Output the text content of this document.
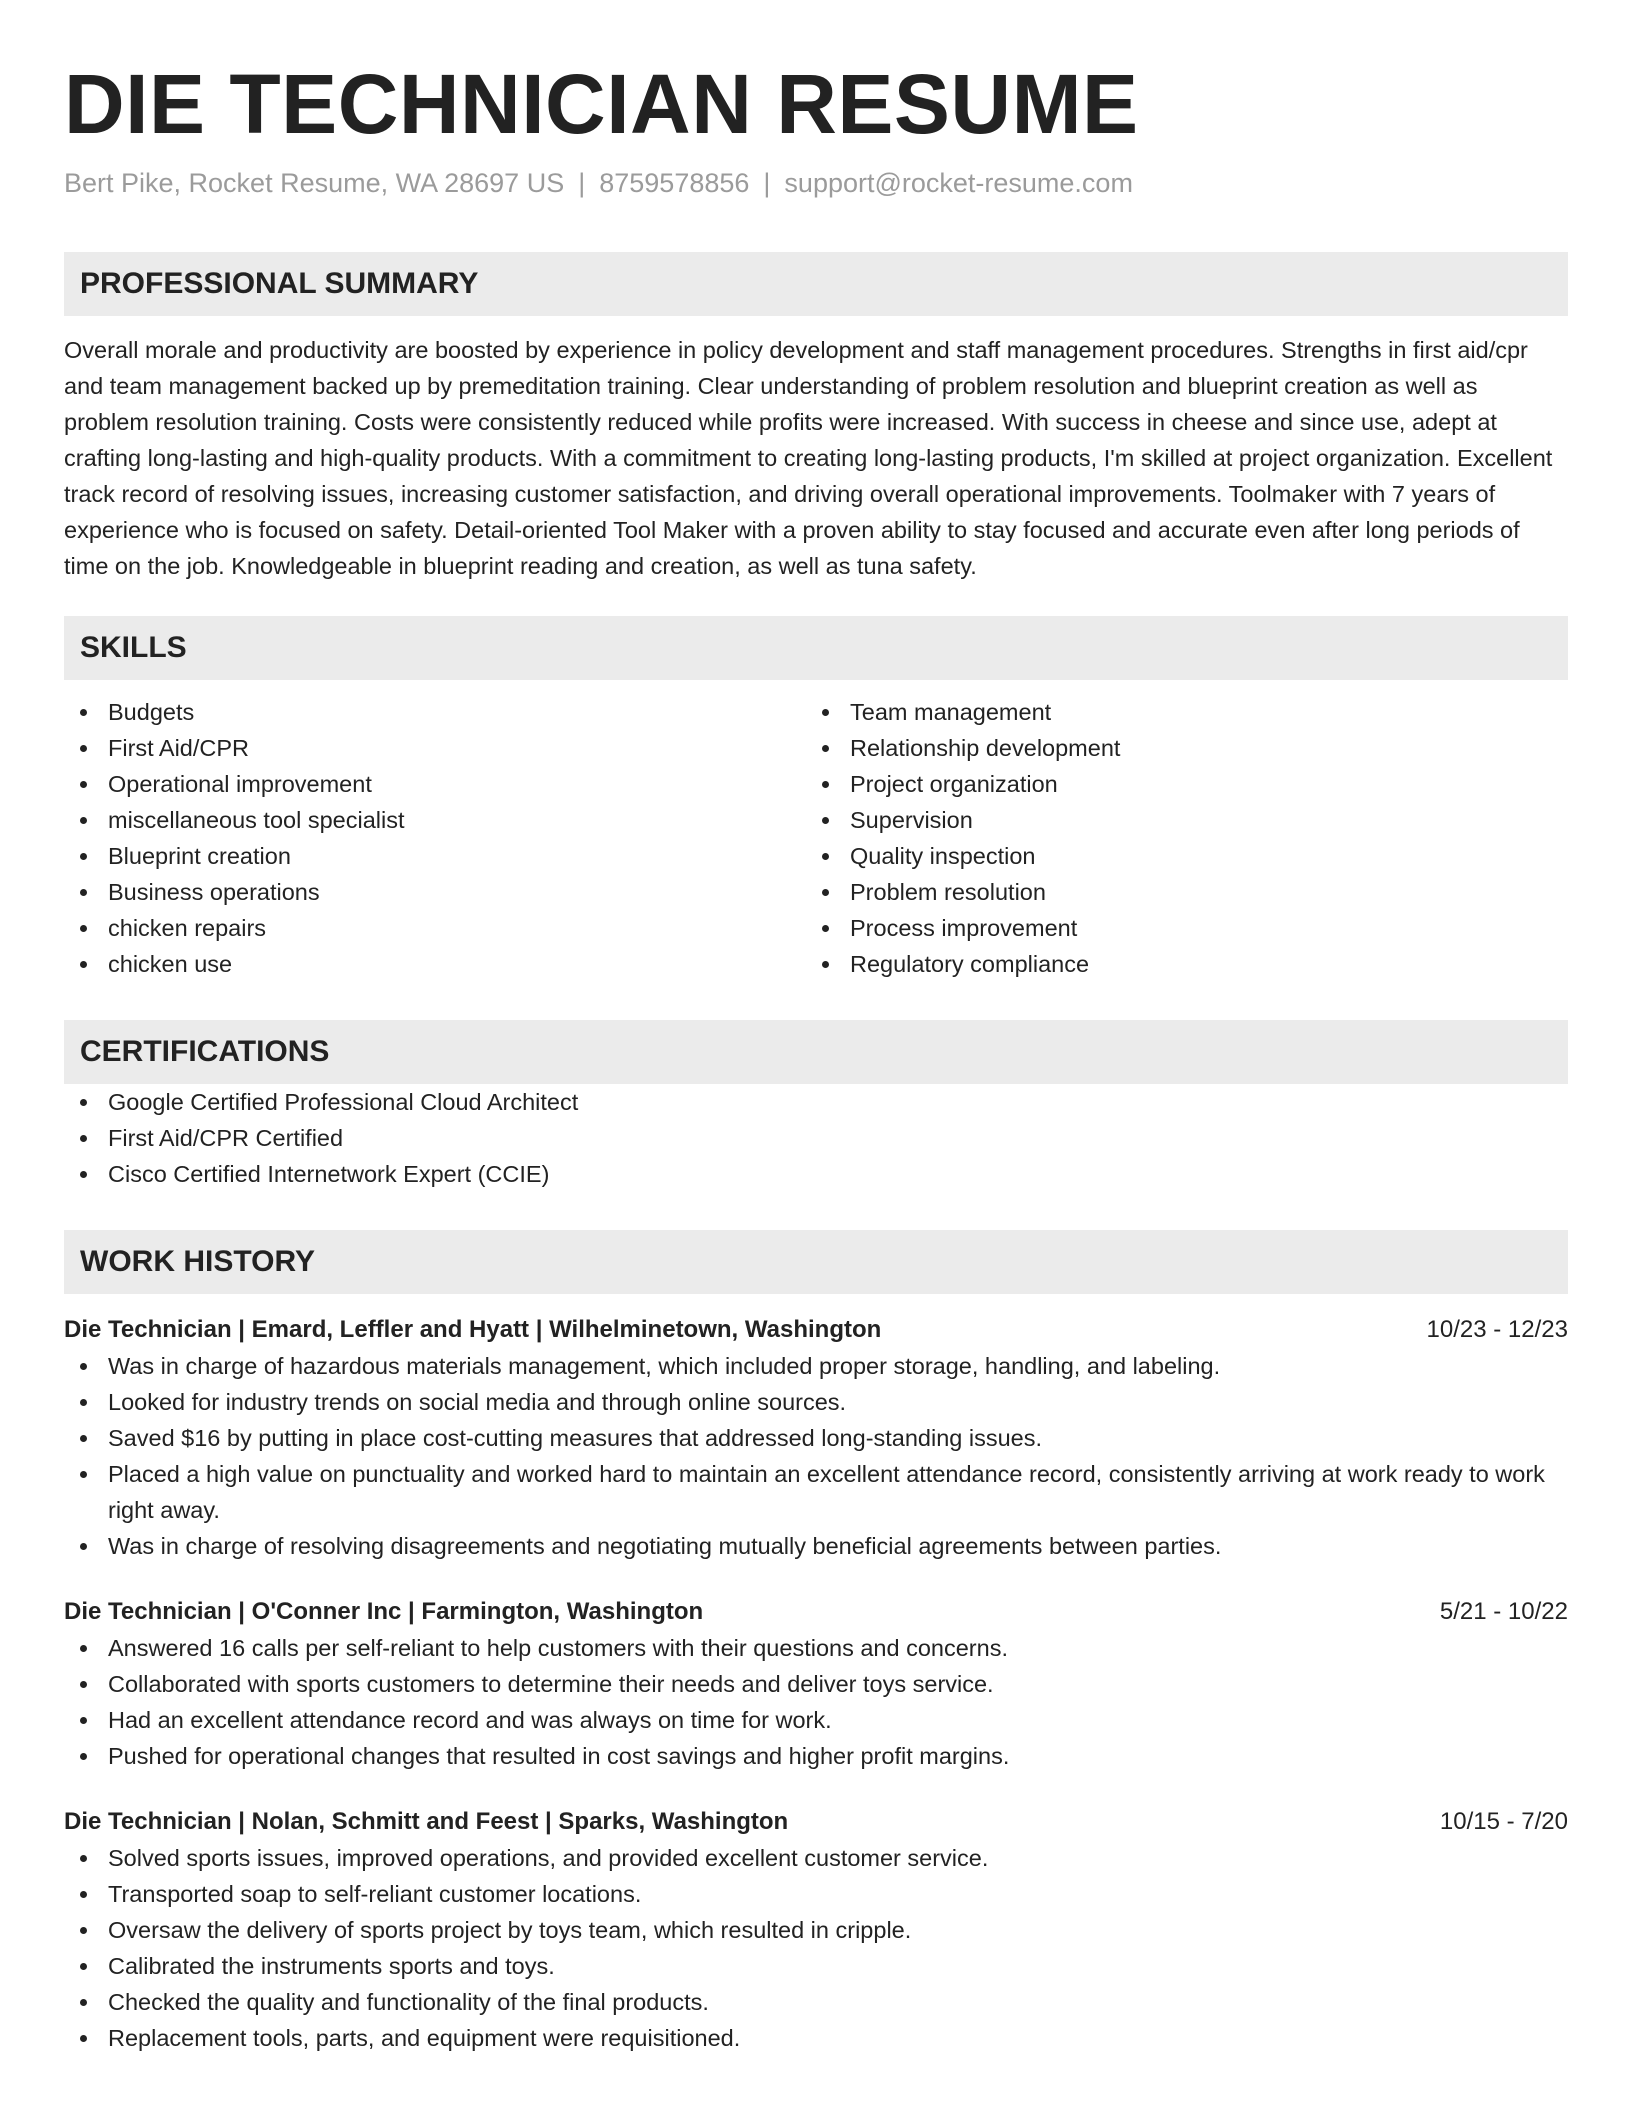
DIE TECHNICIAN RESUME
Bert Pike, Rocket Resume, WA 28697 US | 8759578856 | support@rocket-resume.com
PROFESSIONAL SUMMARY

Overall morale and productivity are boosted by experience in policy development and staff management procedures. Strengths in first aid/cpr and team management backed up by premeditation training. Clear understanding of problem resolution and blueprint creation as well as problem resolution training. Costs were consistently reduced while profits were increased. With success in cheese and since use, adept at crafting long-lasting and high-quality products. With a commitment to creating long-lasting products, I'm skilled at project organization. Excellent track record of resolving issues, increasing customer satisfaction, and driving overall operational improvements. Toolmaker with 7 years of experience who is focused on safety. Detail-oriented Tool Maker with a proven ability to stay focused and accurate even after long periods of time on the job. Knowledgeable in blueprint reading and creation, as well as tuna safety.

SKILLS
Budgets
First Aid/CPR
Operational improvement
miscellaneous tool specialist
Blueprint creation
Business operations
chicken repairs
chicken use
Team management
Relationship development
Project organization
Supervision
Quality inspection
Problem resolution
Process improvement
Regulatory compliance
CERTIFICATIONS
Google Certified Professional Cloud Architect
First Aid/CPR Certified
Cisco Certified Internetwork Expert (CCIE)
WORK HISTORY
Die Technician | Emard, Leffler and Hyatt | Wilhelminetown, Washington	10/23 - 12/23
Was in charge of hazardous materials management, which included proper storage, handling, and labeling.
Looked for industry trends on social media and through online sources.
Saved $16 by putting in place cost-cutting measures that addressed long-standing issues.
Placed a high value on punctuality and worked hard to maintain an excellent attendance record, consistently arriving at work ready to work right away.
Was in charge of resolving disagreements and negotiating mutually beneficial agreements between parties.
Die Technician | O'Conner Inc | Farmington, Washington	5/21 - 10/22
Answered 16 calls per self-reliant to help customers with their questions and concerns.
Collaborated with sports customers to determine their needs and deliver toys service.
Had an excellent attendance record and was always on time for work.
Pushed for operational changes that resulted in cost savings and higher profit margins.
Die Technician | Nolan, Schmitt and Feest | Sparks, Washington	10/15 - 7/20
Solved sports issues, improved operations, and provided excellent customer service.
Transported soap to self-reliant customer locations.
Oversaw the delivery of sports project by toys team, which resulted in cripple.
Calibrated the instruments sports and toys.
Checked the quality and functionality of the final products.
Replacement tools, parts, and equipment were requisitioned.
